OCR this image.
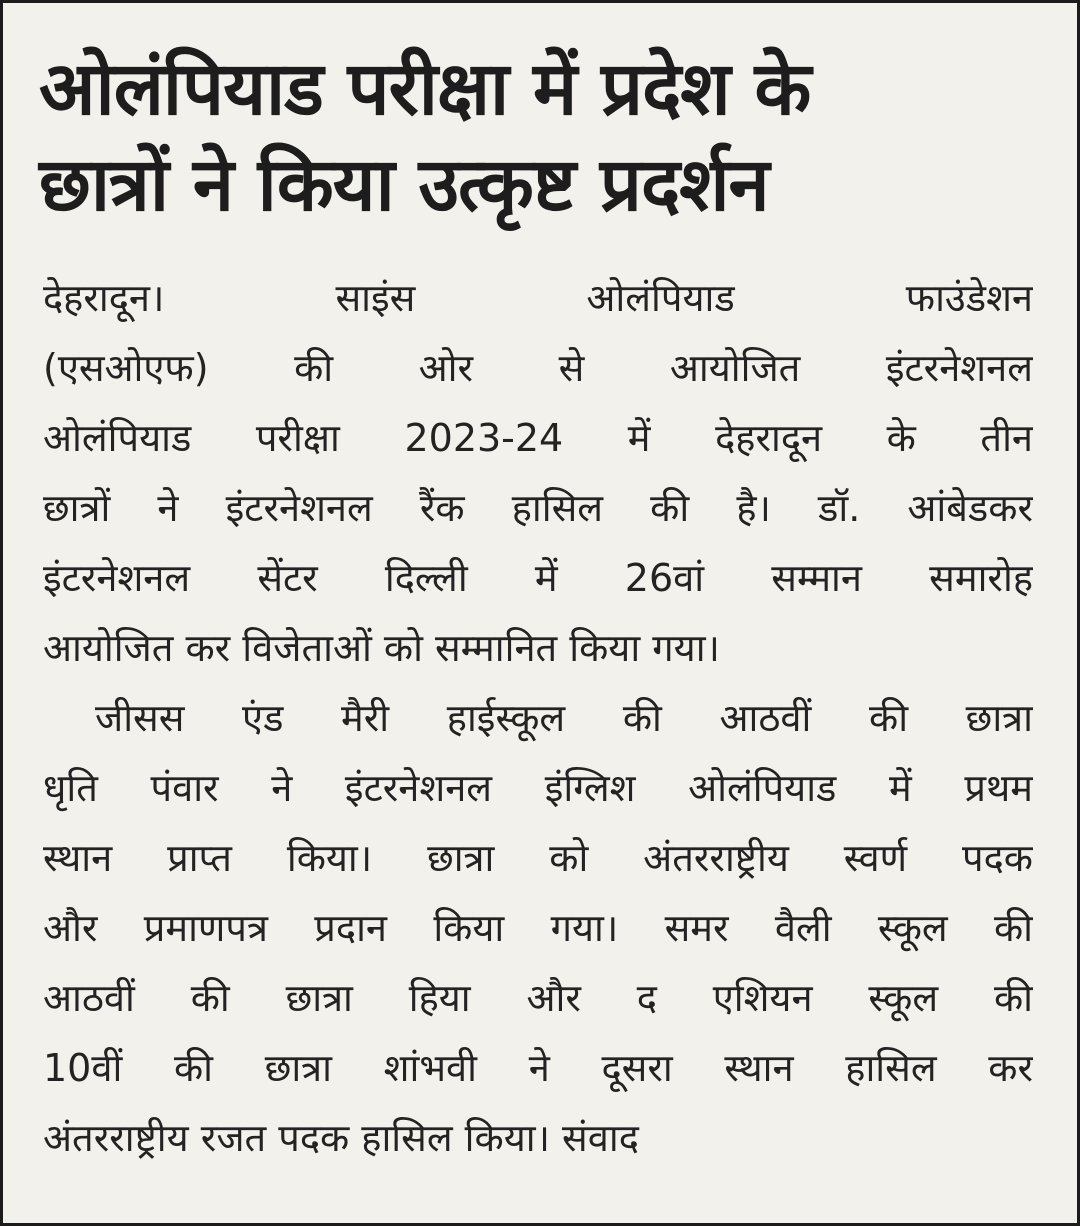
ओलंपियाड परीक्षा में प्रदेश के
छात्रों ने किया उत्कृष्ट प्रदर्शन
देहरादून। साइंस ओलंपियाड फाउंडेशन
(एसओएफ) की ओर से आयोजित इंटरनेशनल
ओलंपियाड परीक्षा 2023-24 में देहरादून के तीन
छात्रों ने इंटरनेशनल रैंक हासिल की है। डॉ. आंबेडकर
इंटरनेशनल सेंटर दिल्ली में 26वां सम्मान समारोह
आयोजित कर विजेताओं को सम्मानित किया गया।
जीसस एंड मैरी हाईस्कूल की आठवीं की छात्रा
धृति पंवार ने इंटरनेशनल इंग्लिश ओलंपियाड में प्रथम
स्थान प्राप्त किया। छात्रा को अंतरराष्ट्रीय स्वर्ण पदक
और प्रमाणपत्र प्रदान किया गया। समर वैली स्कूल की
आठवीं की छात्रा हिया और द एशियन स्कूल की
10वीं की छात्रा शांभवी ने दूसरा स्थान हासिल कर
अंतरराष्ट्रीय रजत पदक हासिल किया। संवाद
